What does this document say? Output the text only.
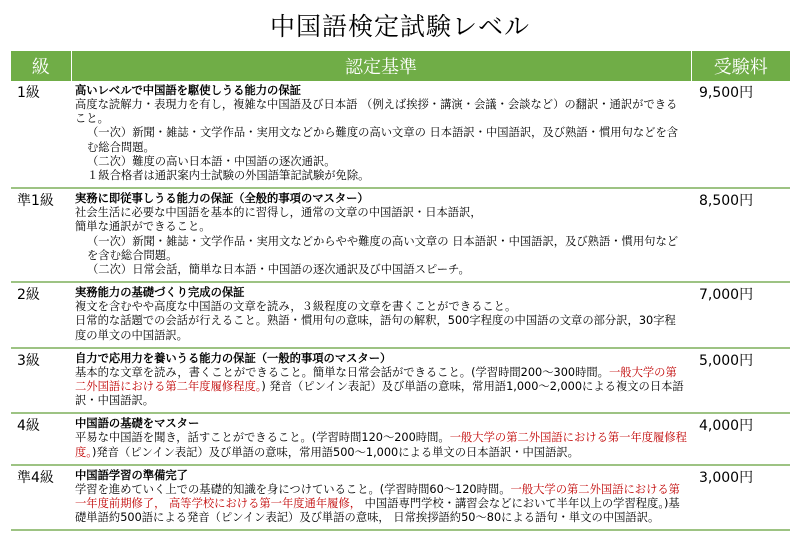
中国語検定試験レベル
級	認定基準	受験料
1級	高いレベルで中国語を駆使しうる能力の保証
高度な読解力・表現力を有し，複雑な中国語及び日本語 （例えば挨拶・講演・会議・会談など）の翻訳・通訳ができること。
（一次）新聞・雑誌・文学作品・実用文などから難度の高い文章の 日本語訳・中国語訳，及び熟語・慣用句などを含む総合問題。
（二次）難度の高い日本語・中国語の逐次通訳。
１級合格者は通訳案内士試験の外国語筆記試験が免除。	9,500円
準1級	実務に即従事しうる能力の保証（全般的事項のマスター）
社会生活に必要な中国語を基本的に習得し，通常の文章の中国語訳・日本語訳，
簡単な通訳ができること。
（一次）新聞・雑誌・文学作品・実用文などからやや難度の高い文章の 日本語訳・中国語訳，及び熟語・慣用句などを含む総合問題。
（二次）日常会話，簡単な日本語・中国語の逐次通訳及び中国語スピーチ。	8,500円
2級	実務能力の基礎づくり完成の保証
複文を含むやや高度な中国語の文章を読み，３級程度の文章を書くことができること。
日常的な話題での会話が行えること。熟語・慣用句の意味，語句の解釈，500字程度の中国語の文章の部分訳，30字程度の単文の中国語訳。	7,000円
3級	自力で応用力を養いうる能力の保証（一般的事項のマスター）
基本的な文章を読み，書くことができること。簡単な日常会話ができること。(学習時間200～300時間。一般大学の第二外国語における第二年度履修程度。) 発音（ピンイン表記）及び単語の意味，常用語1,000～2,000による複文の日本語訳・中国語訳。	5,000円
4級	中国語の基礎をマスター
平易な中国語を聞き，話すことができること。(学習時間120～200時間。一般大学の第二外国語における第一年度履修程度。)発音（ピンイン表記）及び単語の意味，常用語500～1,000による単文の日本語訳・中国語訳。	4,000円
準4級	中国語学習の準備完了
学習を進めていく上での基礎的知識を身につけていること。(学習時間60～120時間。一般大学の第二外国語における第一年度前期修了， 高等学校における第一年度通年履修， 中国語専門学校・講習会などにおいて半年以上の学習程度。)基礎単語約500語による発音（ピンイン表記）及び単語の意味， 日常挨拶語約50～80による語句・単文の中国語訳。	3,000円
